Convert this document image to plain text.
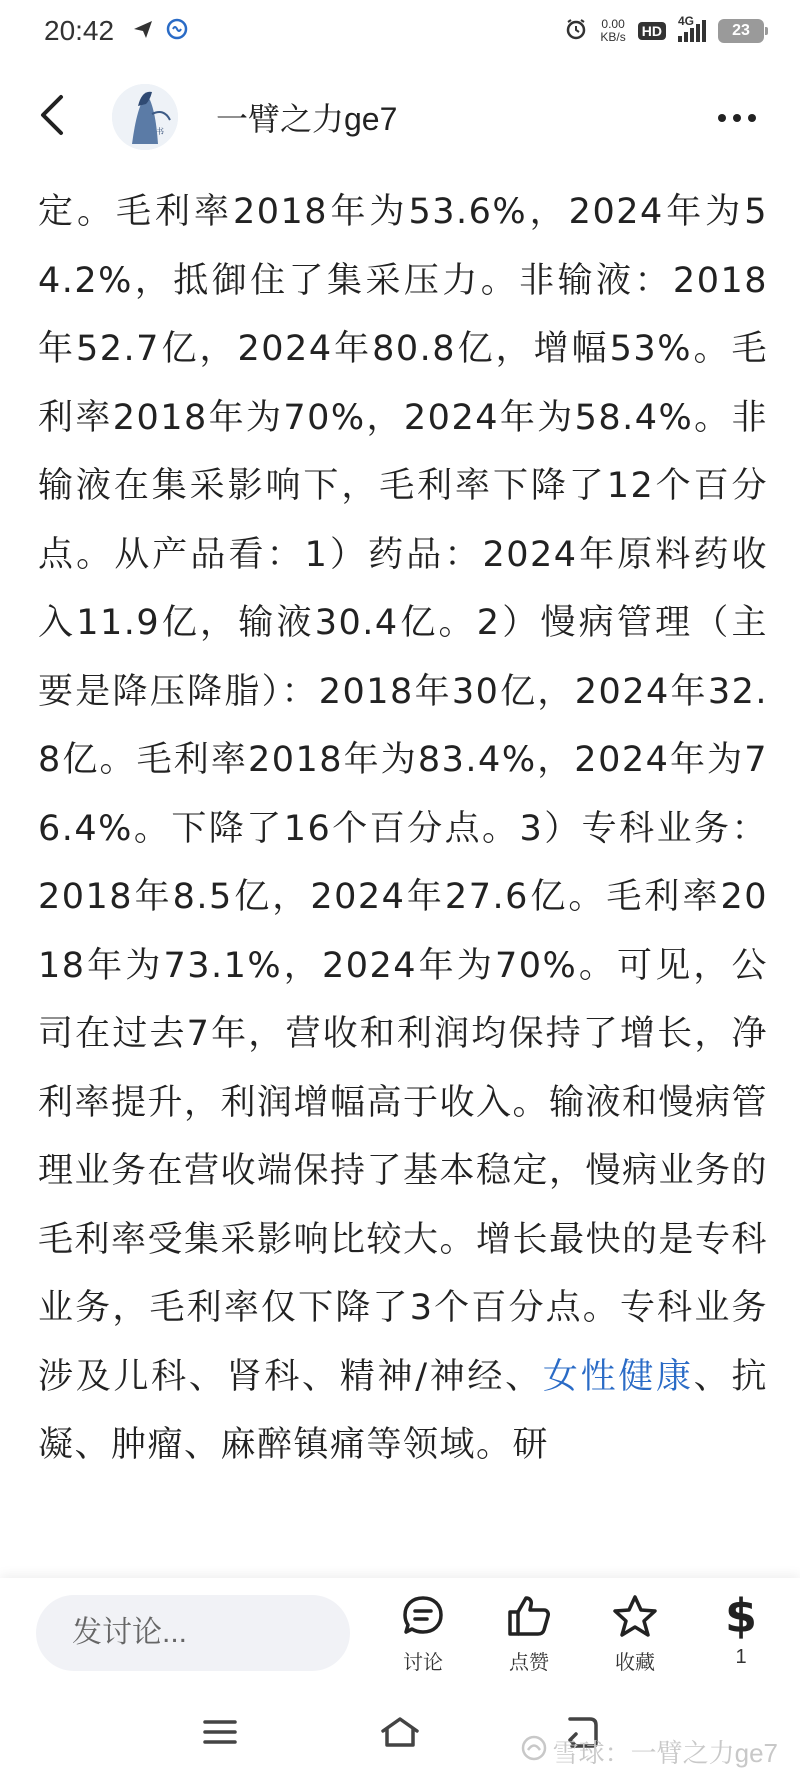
20:42	0.00
KB/s HD
4G
23
书 一臂之力ge7

定。毛利率2018年为53.6%，2024年为54.2%，抵御住了集采压力。非输液：2018年52.7亿，2024年80.8亿，增幅53%。毛利率2018年为70%，2024年为58.4%。非输液在集采影响下，毛利率下降了12个百分点。从产品看：1）药品：2024年原料药收入11.9亿，输液30.4亿。2）慢病管理（主要是降压降脂）：2018年30亿，2024年32.8亿。毛利率2018年为83.4%，2024年为76.4%。下降了16个百分点。3）专科业务：2018年8.5亿，2024年27.6亿。毛利率2018年为73.1%，2024年为70%。可见，公司在过去7年，营收和利润均保持了增长，净利率提升，利润增幅高于收入。输液和慢病管理业务在营收端保持了基本稳定，慢病业务的毛利率受集采影响比较大。增长最快的是专科业务，毛利率仅下降了3个百分点。专科业务涉及儿科、肾科、精神/神经、女性健康、抗凝、肿瘤、麻醉镇痛等领域。研

发讨论...
讨论	点赞	收藏
$
1
雪球：一臂之力ge7
